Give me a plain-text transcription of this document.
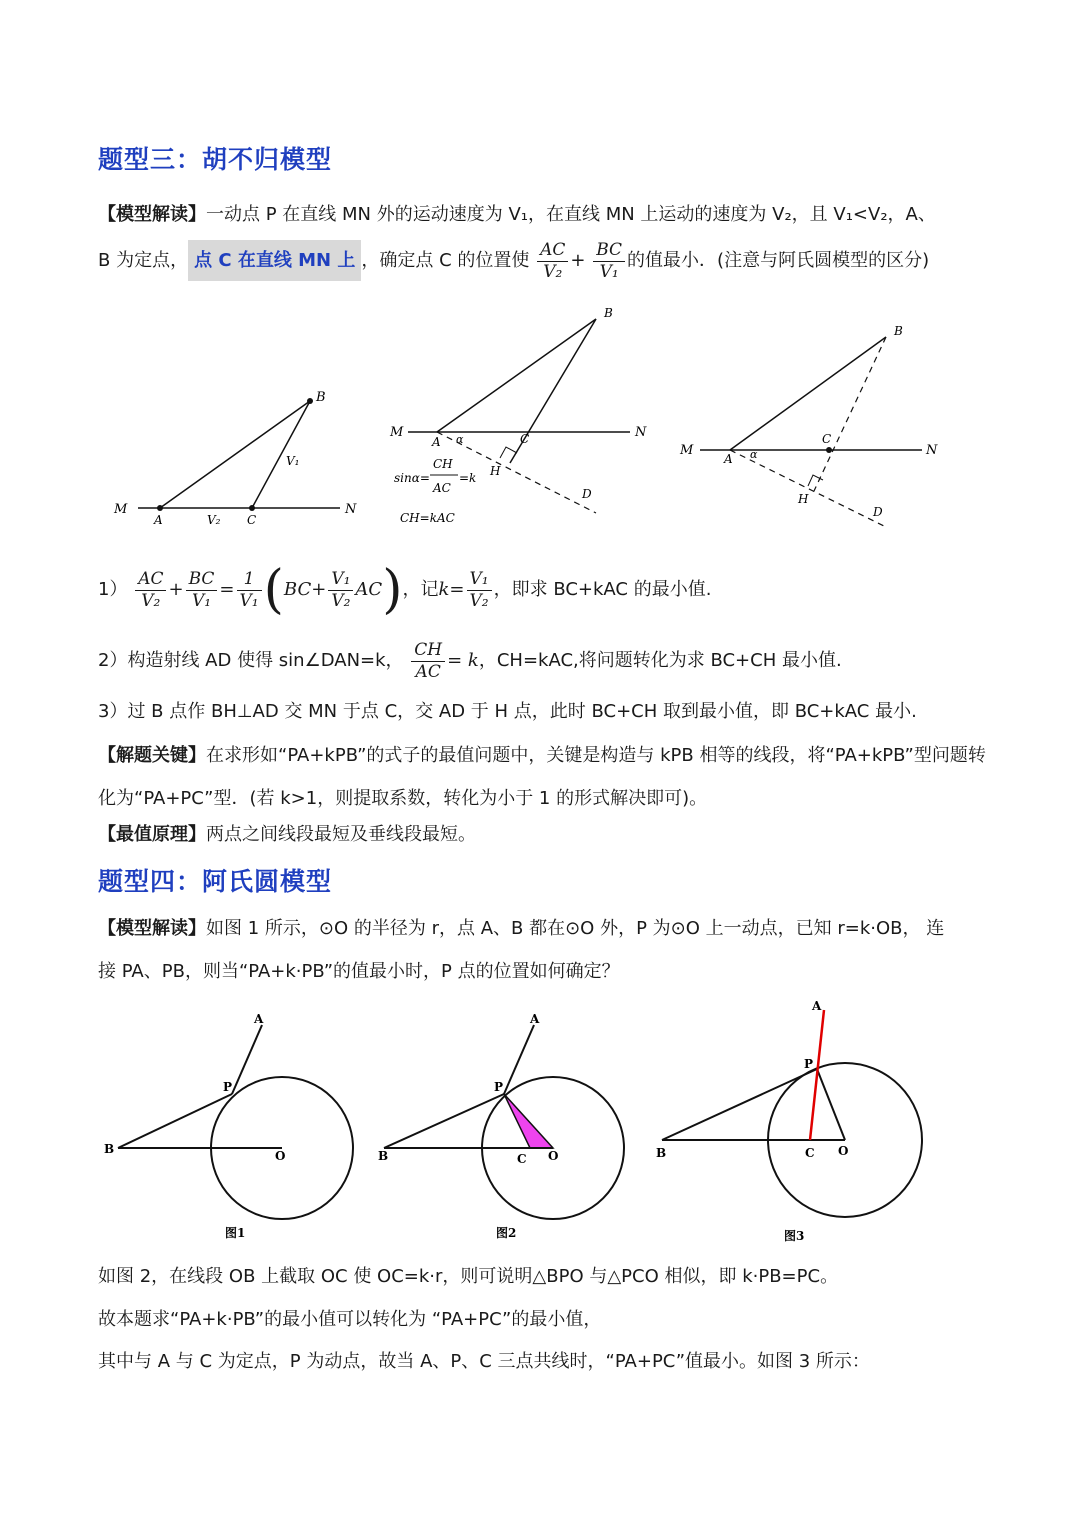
题型三：胡不归模型
【模型解读】一动点 P 在直线 MN 外的运动速度为 V₁，在直线 MN 上运动的速度为 V₂，且 V₁<V₂，A、
B 为定点， 点 C 在直线 MN 上 ，确定点 C 的位置使 $\frac{AC}{\text{V₂}} + \frac{BC}{\text{V₁}}$ 的值最小．(注意与阿氏圆模型的区分)
B
M
A	C
N
V₁
V₂
B
M
A α	C	N
H
D
sinα=
CH
AC
=k
CH=kAC
B
M
A α
C
N
H
D
$1) \frac{AC}{\text{V₂}} + \frac{BC}{\text{V₁}} = \frac{1}{\text{V₁}} (BC+ \frac{\text{V₁}}{\text{V₂}} AC)$，记$k= \frac{\text{V₁}}{\text{V₂}}$ ，即求 BC+kAC 的最小值.
2）构造射线 AD 使得 sin∠DAN=k， $\frac{CH}{AC} = k$，CH=kAC,将问题转化为求 BC+CH 最小值.
3）过 B 点作 BH⊥AD 交 MN 于点 C，交 AD 于 H 点，此时 BC+CH 取到最小值，即 BC+kAC 最小.
【解题关键】在求形如“PA+kPB”的式子的最值问题中，关键是构造与 kPB 相等的线段，将“PA+kPB”型问题转
化为“PA+PC”型．(若 k>1，则提取系数，转化为小于 1 的形式解决即可)。
【最值原理】两点之间线段最短及垂线段最短。
题型四：阿氏圆模型
【模型解读】如图 1 所示，⊙O 的半径为 r，点 A、B 都在⊙O 外，P 为⊙O 上一动点，已知 r=k·OB， 连
接 PA、PB，则当“PA+k·PB”的值最小时，P 点的位置如何确定？
A
P
B	O
图1
A
P
B	C O
图2
A
P
B	C O
图3
如图 2，在线段 OB 上截取 OC 使 OC=k·r，则可说明△BPO 与△PCO 相似，即 k·PB=PC。
故本题求“PA+k·PB”的最小值可以转化为 “PA+PC”的最小值，
其中与 A 与 C 为定点，P 为动点，故当 A、P、C 三点共线时，“PA+PC”值最小。如图 3 所示：
